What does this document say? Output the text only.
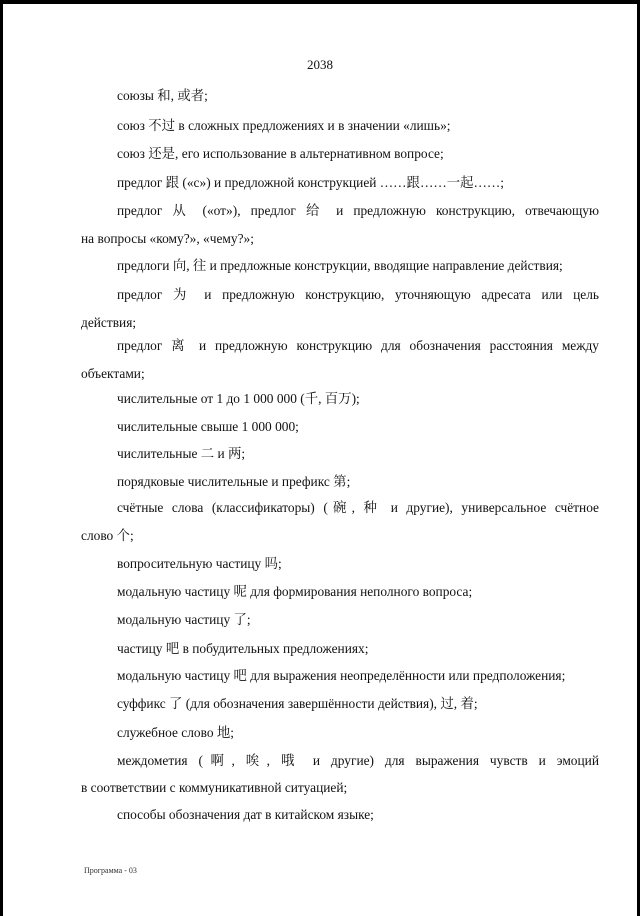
2038
союзы 和, 或者;
союз 不过 в сложных предложениях и в значении «лишь»;
союз 还是, его использование в альтернативном вопросе;
предлог 跟 («с») и предложной конструкцией ……跟……一起……;
предлог 从 («от»), предлог 给 и предложную конструкцию, отвечающую
на вопросы «кому?», «чему?»;
предлоги 向, 往 и предложные конструкции, вводящие направление действия;
предлог 为 и предложную конструкцию, уточняющую адресата или цель
действия;
предлог 离 и предложную конструкцию для обозначения расстояния между
объектами;
числительные от 1 до 1 000 000 (千, 百万);
числительные свыше 1 000 000;
числительные 二 и 两;
порядковые числительные и префикс 第;
счётные слова (классификаторы) (碗, 种 и другие), универсальное счётное
слово 个;
вопросительную частицу 吗;
модальную частицу 呢 для формирования неполного вопроса;
модальную частицу 了;
частицу 吧 в побудительных предложениях;
модальную частицу 吧 для выражения неопределённости или предположения;
суффикс 了 (для обозначения завершённости действия), 过, 着;
служебное слово 地;
междометия (啊, 唉, 哦 и другие) для выражения чувств и эмоций
в соответствии с коммуникативной ситуацией;
способы обозначения дат в китайском языке;
Программа - 03
